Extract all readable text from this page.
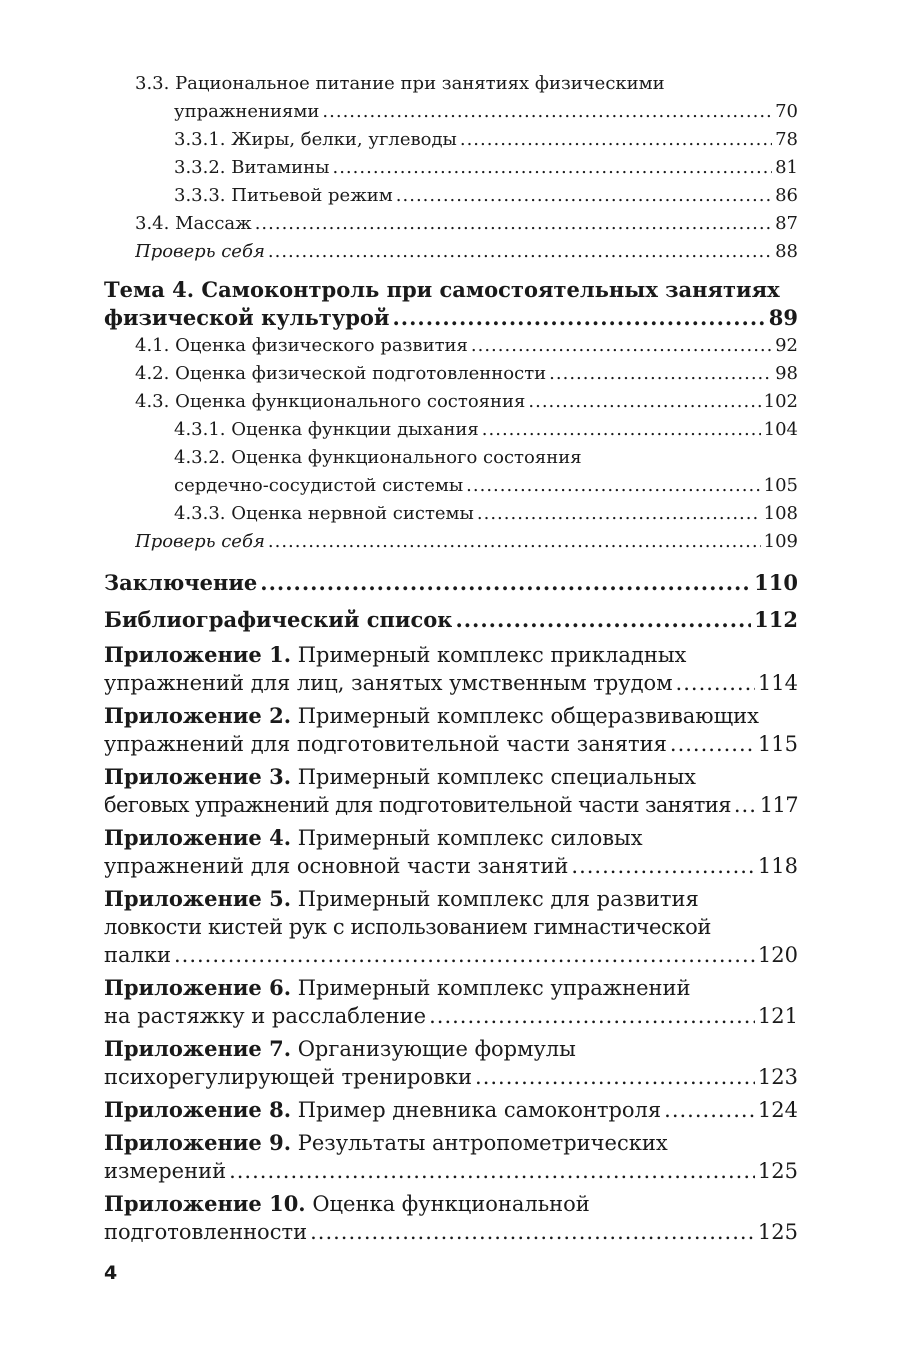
3.3. Рациональное питание при занятиях физическими
упражнениями .....	70
3.3.1. Жиры, белки, углеводы .....	78
3.3.2. Витамины .....	81
3.3.3. Питьевой режим .....	86
3.4. Массаж .....	87
Проверь себя .....	88
Тема 4. Самоконтроль при самостоятельных занятиях
физической культурой .....	89
4.1. Оценка физического развития .....	92
4.2. Оценка физической подготовленности .....	98
4.3. Оценка функционального состояния .....	102
4.3.1. Оценка функции дыхания .....	104
4.3.2. Оценка функционального состояния
сердечно-сосудистой системы .....	105
4.3.3. Оценка нервной системы .....	108
Проверь себя .....	109
Заключение .....	110
Библиографический список .....	112
Приложение 1. Примерный комплекс прикладных
упражнений для лиц, занятых умственным трудом .....	114
Приложение 2. Примерный комплекс общеразвивающих
упражнений для подготовительной части занятия .....	115
Приложение 3. Примерный комплекс специальных
беговых упражнений для подготовительной части занятия ..... 117
Приложение 4. Примерный комплекс силовых
упражнений для основной части занятий .....	118
Приложение 5. Примерный комплекс для развития
ловкости кистей рук с использованием гимнастической
палки .....	120
Приложение 6. Примерный комплекс упражнений
на растяжку и расслабление .....	121
Приложение 7. Организующие формулы
психорегулирующей тренировки .....	123
Приложение 8. Пример дневника самоконтроля .....	124
Приложение 9. Результаты антропометрических
измерений .....	125
Приложение 10. Оценка функциональной
подготовленности .....	125
4
